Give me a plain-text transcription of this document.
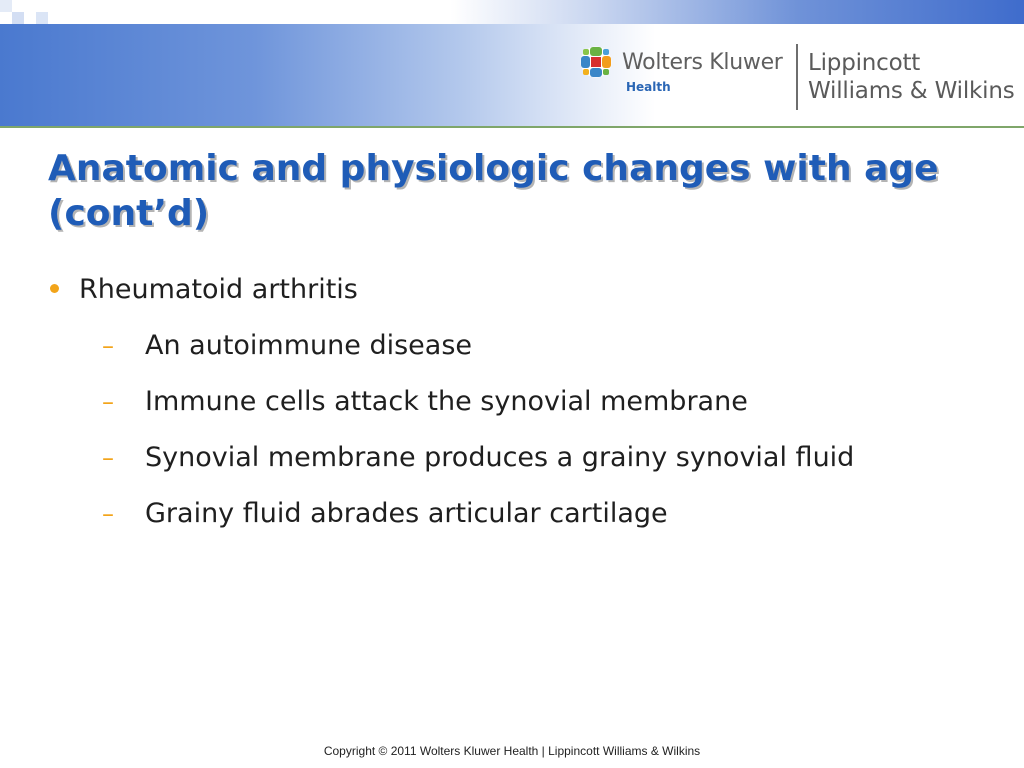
Wolters Kluwer
Health
Lippincott
Williams & Wilkins
Anatomic and physiologic changes with age (cont’d)
Rheumatoid arthritis
– An autoimmune disease
– Immune cells attack the synovial membrane
– Synovial membrane produces a grainy synovial fluid
– Grainy fluid abrades articular cartilage
Copyright © 2011 Wolters Kluwer Health | Lippincott Williams & Wilkins
